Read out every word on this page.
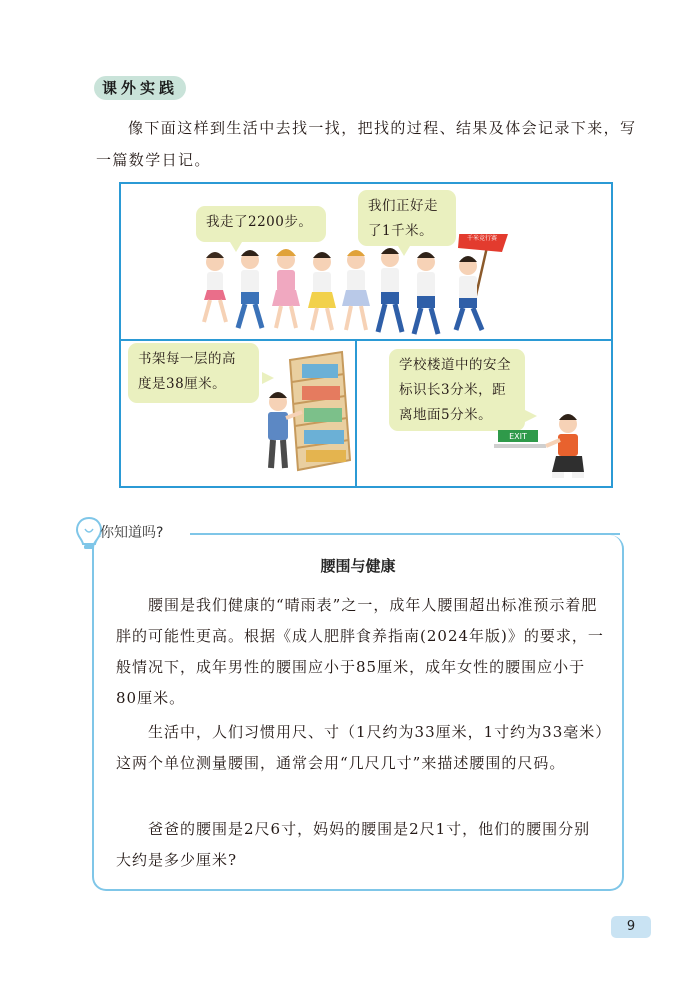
课外实践

像下面这样到生活中去找一找，把找的过程、结果及体会记录下来，写一篇数学日记。

千米竞行赛
我走了2200步。
我们正好走了1千米。
书架每一层的高度是38厘米。
学校楼道中的安全标识长3分米，距离地面5分米。
EXIT
你知道吗?
腰围与健康

腰围是我们健康的“晴雨表”之一，成年人腰围超出标准预示着肥胖的可能性更高。根据《成人肥胖食养指南(2024年版)》的要求，一般情况下，成年男性的腰围应小于85厘米，成年女性的腰围应小于80厘米。

生活中，人们习惯用尺、寸（1尺约为33厘米，1寸约为33毫米）这两个单位测量腰围，通常会用“几尺几寸”来描述腰围的尺码。

爸爸的腰围是2尺6寸，妈妈的腰围是2尺1寸，他们的腰围分别大约是多少厘米?

9
